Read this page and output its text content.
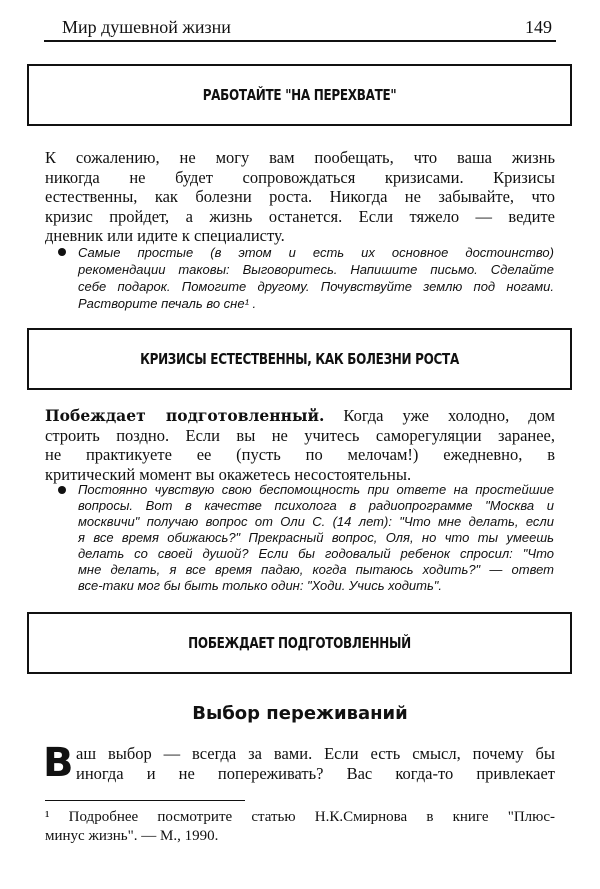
Мир душевной жизни	149
РАБОТАЙТЕ "НА ПЕРЕХВАТЕ"
К сожалению, не могу вам пообещать, что ваша жизнь
никогда не будет сопровождаться кризисами. Кризисы
естественны, как болезни роста. Никогда не забывайте, что
кризис пройдет, а жизнь останется. Если тяжело — ведите
дневник или идите к специалисту.
Самые простые (в этом и есть их основное достоинство)
рекомендации таковы: Выговоритесь. Напишите письмо. Сделайте
себе подарок. Помогите другому. Почувствуйте землю под ногами.
Растворите печаль во сне¹ .
КРИЗИСЫ ЕСТЕСТВЕННЫ, КАК БОЛЕЗНИ РОСТА
Побеждает подготовленный. Когда уже холодно, дом
строить поздно. Если вы не учитесь саморегуляции заранее,
не практикуете ее (пусть по мелочам!) ежедневно, в
критический момент вы окажетесь несостоятельны.
Постоянно чувствую свою беспомощность при ответе на простейшие
вопросы. Вот в качестве психолога в радиопрограмме "Москва и
москвичи" получаю вопрос от Оли С. (14 лет): "Что мне делать, если
я все время обижаюсь?" Прекрасный вопрос, Оля, но что ты умеешь
делать со своей душой? Если бы годовалый ребенок спросил: "Что
мне делать, я все время падаю, когда пытаюсь ходить?" — ответ
все-таки мог бы быть только один: "Ходи. Учись ходить".
ПОБЕЖДАЕТ ПОДГОТОВЛЕННЫЙ
Выбор переживаний
В аш выбор — всегда за вами. Если есть смысл, почему бы
иногда и не попереживать? Вас когда-то привлекает
¹ Подробнее посмотрите статью Н.К.Смирнова в книге "Плюс-
минус жизнь". — М., 1990.
